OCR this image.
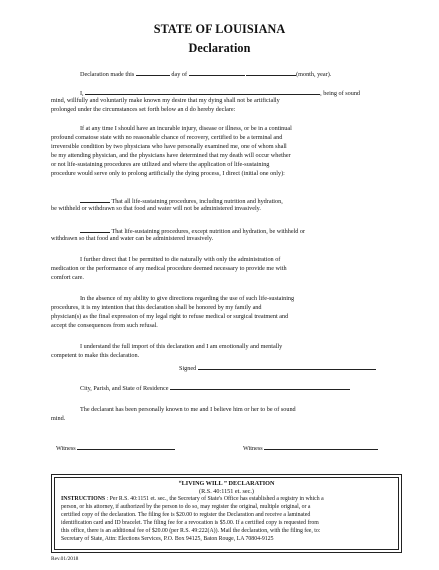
STATE OF LOUISIANA
Declaration
Declaration made this	day of	(month, year).
I,	, being of sound
mind, willfully and voluntarily make known my desire that my dying shall not be artificially
prolonged under the circumstances set forth below an d do hereby declare:
If at any time I should have an incurable injury, disease or illness, or be in a continual
profound comatose state with no reasonable chance of recovery, certified to be a terminal and
irreversible condition by two physicians who have personally examined me, one of whom shall
be my attending physician, and the physicians have determined that my death will occur whether
or not life-sustaining procedures are utilized and where the application of life-sustaining
procedure would serve only to prolong artificially the dying process, I direct (initial one only):
That all life-sustaining procedures, including nutrition and hydration,
be withheld or withdrawn so that food and water will not be administered invasively.
That life-sustaining procedures, except nutrition and hydration, be withheld or
withdrawn so that food and water can be administered invasively.
I further direct that I be permitted to die naturally with only the administration of
medication or the performance of any medical procedure deemed necessary to provide me with
comfort care.
In the absence of my ability to give directions regarding the use of such life-sustaining
procedures, it is my intention that this declaration shall be honored by my family and
physician(s) as the final expression of my legal right to refuse medical or surgical treatment and
accept the consequences from such refusal.
I understand the full import of this declaration and I am emotionally and mentally
competent to make this declaration.
Signed
City, Parish, and State of Residence
The declarant has been personally known to me and I believe him or her to be of sound
mind.
Witness	Witness
“LIVING WILL ” DECLARATION
(R.S. 40:1151 et. sec.)
INSTRUCTIONS : Per R.S. 40:1151 et. sec., the Secretary of State's Office has established a registry in which a
person, or his attorney, if authorized by the person to do so, may register the original, multiple original, or a
certified copy of the declaration. The filing fee is $20.00 to register the Declaration and receive a laminated
identification card and ID bracelet. The filing fee for a revocation is $5.00. If a certified copy is requested from
this office, there is an additional fee of $20.00 (per R.S. 49:222(A)). Mail the declaration, with the filing fee, to:
Secretary of State, Attn: Elections Services, P.O. Box 94125, Baton Rouge, LA 70804-9125
Rev.01/2018
